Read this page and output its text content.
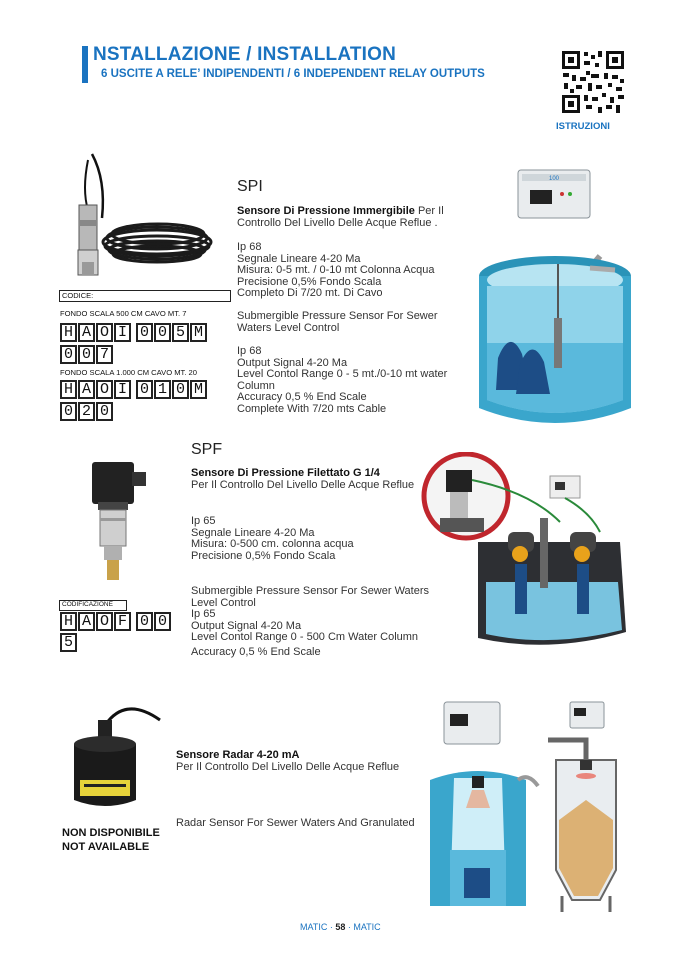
NSTALLAZIONE / INSTALLATION
6 USCITE A RELE’ INDIPENDENTI / 6 INDEPENDENT RELAY OUTPUTS
ISTRUZIONI
CODICE:
FONDO SCALA 500 CM CAVO MT. 7
H A O I 0 0 5 M
0 0 7
FONDO SCALA 1.000 CM CAVO MT. 20
H A O I 0 1 0 M
0 2 0
SPI
Sensore Di Pressione Immergibile Per Il Controllo Del Livello Delle Acque Reflue .
Ip 68
Segnale Lineare 4-20 Ma
Misura: 0-5 mt. / 0-10 mt Colonna Acqua
Precisione 0,5% Fondo Scala
Completo Di 7/20 mt. Di Cavo
Submergible Pressure Sensor For Sewer Waters Level Control
Ip 68
Output Signal 4-20 Ma
Level Contol Range 0 - 5 mt./0-10 mt water Column
Accuracy 0,5 % End Scale
Complete With 7/20 mts Cable
100
SPF
Sensore Di Pressione Filettato G 1/4
Per Il Controllo Del Livello Delle Acque Reflue
Ip 65
Segnale Lineare 4-20 Ma
Misura: 0-500 cm. colonna acqua
Precisione 0,5% Fondo Scala
Submergible Pressure Sensor For Sewer Waters Level Control
Ip 65
Output Signal 4-20 Ma
Level Contol Range 0 - 500 Cm Water Column
Accuracy 0,5 % End Scale
CODIFICAZIONE
H A O F 0 0
5
NON DISPONIBILE
NOT AVAILABLE
Sensore Radar 4-20 mA
Per Il Controllo Del Livello Delle Acque Reflue
Radar Sensor For Sewer Waters And Granulated
MATIC · 58 · MATIC
